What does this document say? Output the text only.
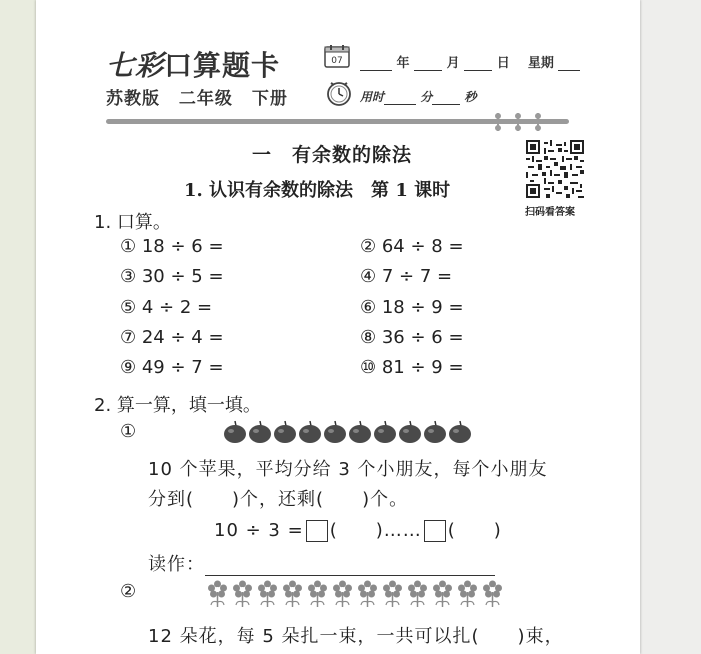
七彩口算题卡
苏教版 二年级 下册
07	年	月	日 星期
用时	分	秒
一　有余数的除法
1. 认识有余数的除法　第 1 课时
扫码看答案
1. 口算。
① 18 ÷ 6 =	② 64 ÷ 8 =
③ 30 ÷ 5 =	④ 7 ÷ 7 =
⑤ 4 ÷ 2 =	⑥ 18 ÷ 9 =
⑦ 24 ÷ 4 =	⑧ 36 ÷ 6 =
⑨ 49 ÷ 7 =	⑩ 81 ÷ 9 =
2. 算一算，填一填。
①
10 个苹果，平均分给 3 个小朋友，每个小朋友
分到(　　)个，还剩(　　)个。
10 ÷ 3 = (　　)…… (　　)
读作：
②
12 朵花，每 5 朵扎一束，一共可以扎(　　)束，
